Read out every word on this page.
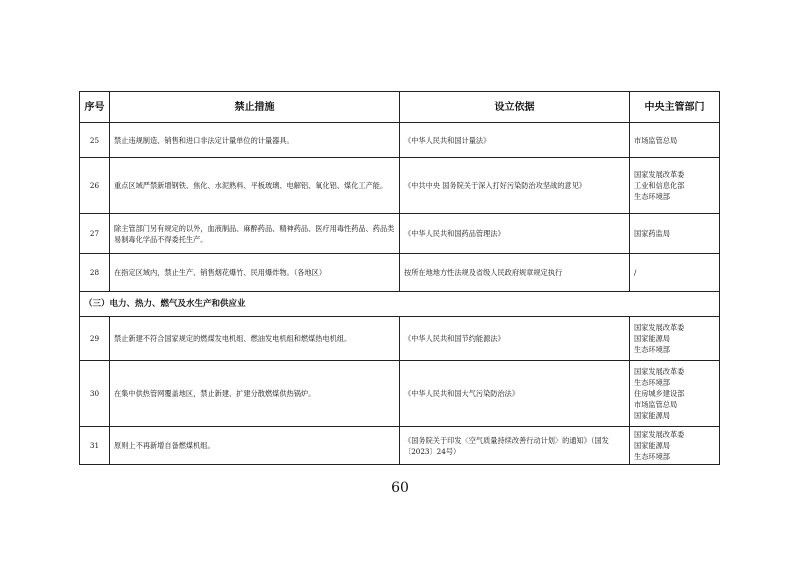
序号	禁止措施	设立依据	中央主管部门
25	禁止违规制造、销售和进口非法定计量单位的计量器具。	《中华人民共和国计量法》	市场监管总局

26	重点区域严禁新增钢铁、焦化、水泥熟料、平板玻璃、电解铝、氧化铝、煤化工产能。	《中共中央 国务院关于深入打好污染防治攻坚战的意见》	国家发展改革委
工业和信息化部
生态环境部

27	除主管部门另有规定的以外，血液制品、麻醉药品、精神药品、医疗用毒性药品、药品类易制毒化学品不得委托生产。	《中华人民共和国药品管理法》	国家药监局

28	在指定区域内，禁止生产、销售烟花爆竹、民用爆炸物。（各地区）	按所在地地方性法规及省级人民政府规章规定执行	/

（三）电力、热力、燃气及水生产和供应业			
29	禁止新建不符合国家规定的燃煤发电机组、燃油发电机组和燃煤热电机组。	《中华人民共和国节约能源法》	国家发展改革委
国家能源局
生态环境部

30	在集中供热管网覆盖地区，禁止新建、扩建分散燃煤供热锅炉。	《中华人民共和国大气污染防治法》	国家发展改革委
生态环境部
住房城乡建设部
市场监管总局
国家能源局

31	原则上不再新增自备燃煤机组。	《国务院关于印发〈空气质量持续改善行动计划〉的通知》（国发〔2023〕24号）	国家发展改革委
国家能源局
生态环境部
60
